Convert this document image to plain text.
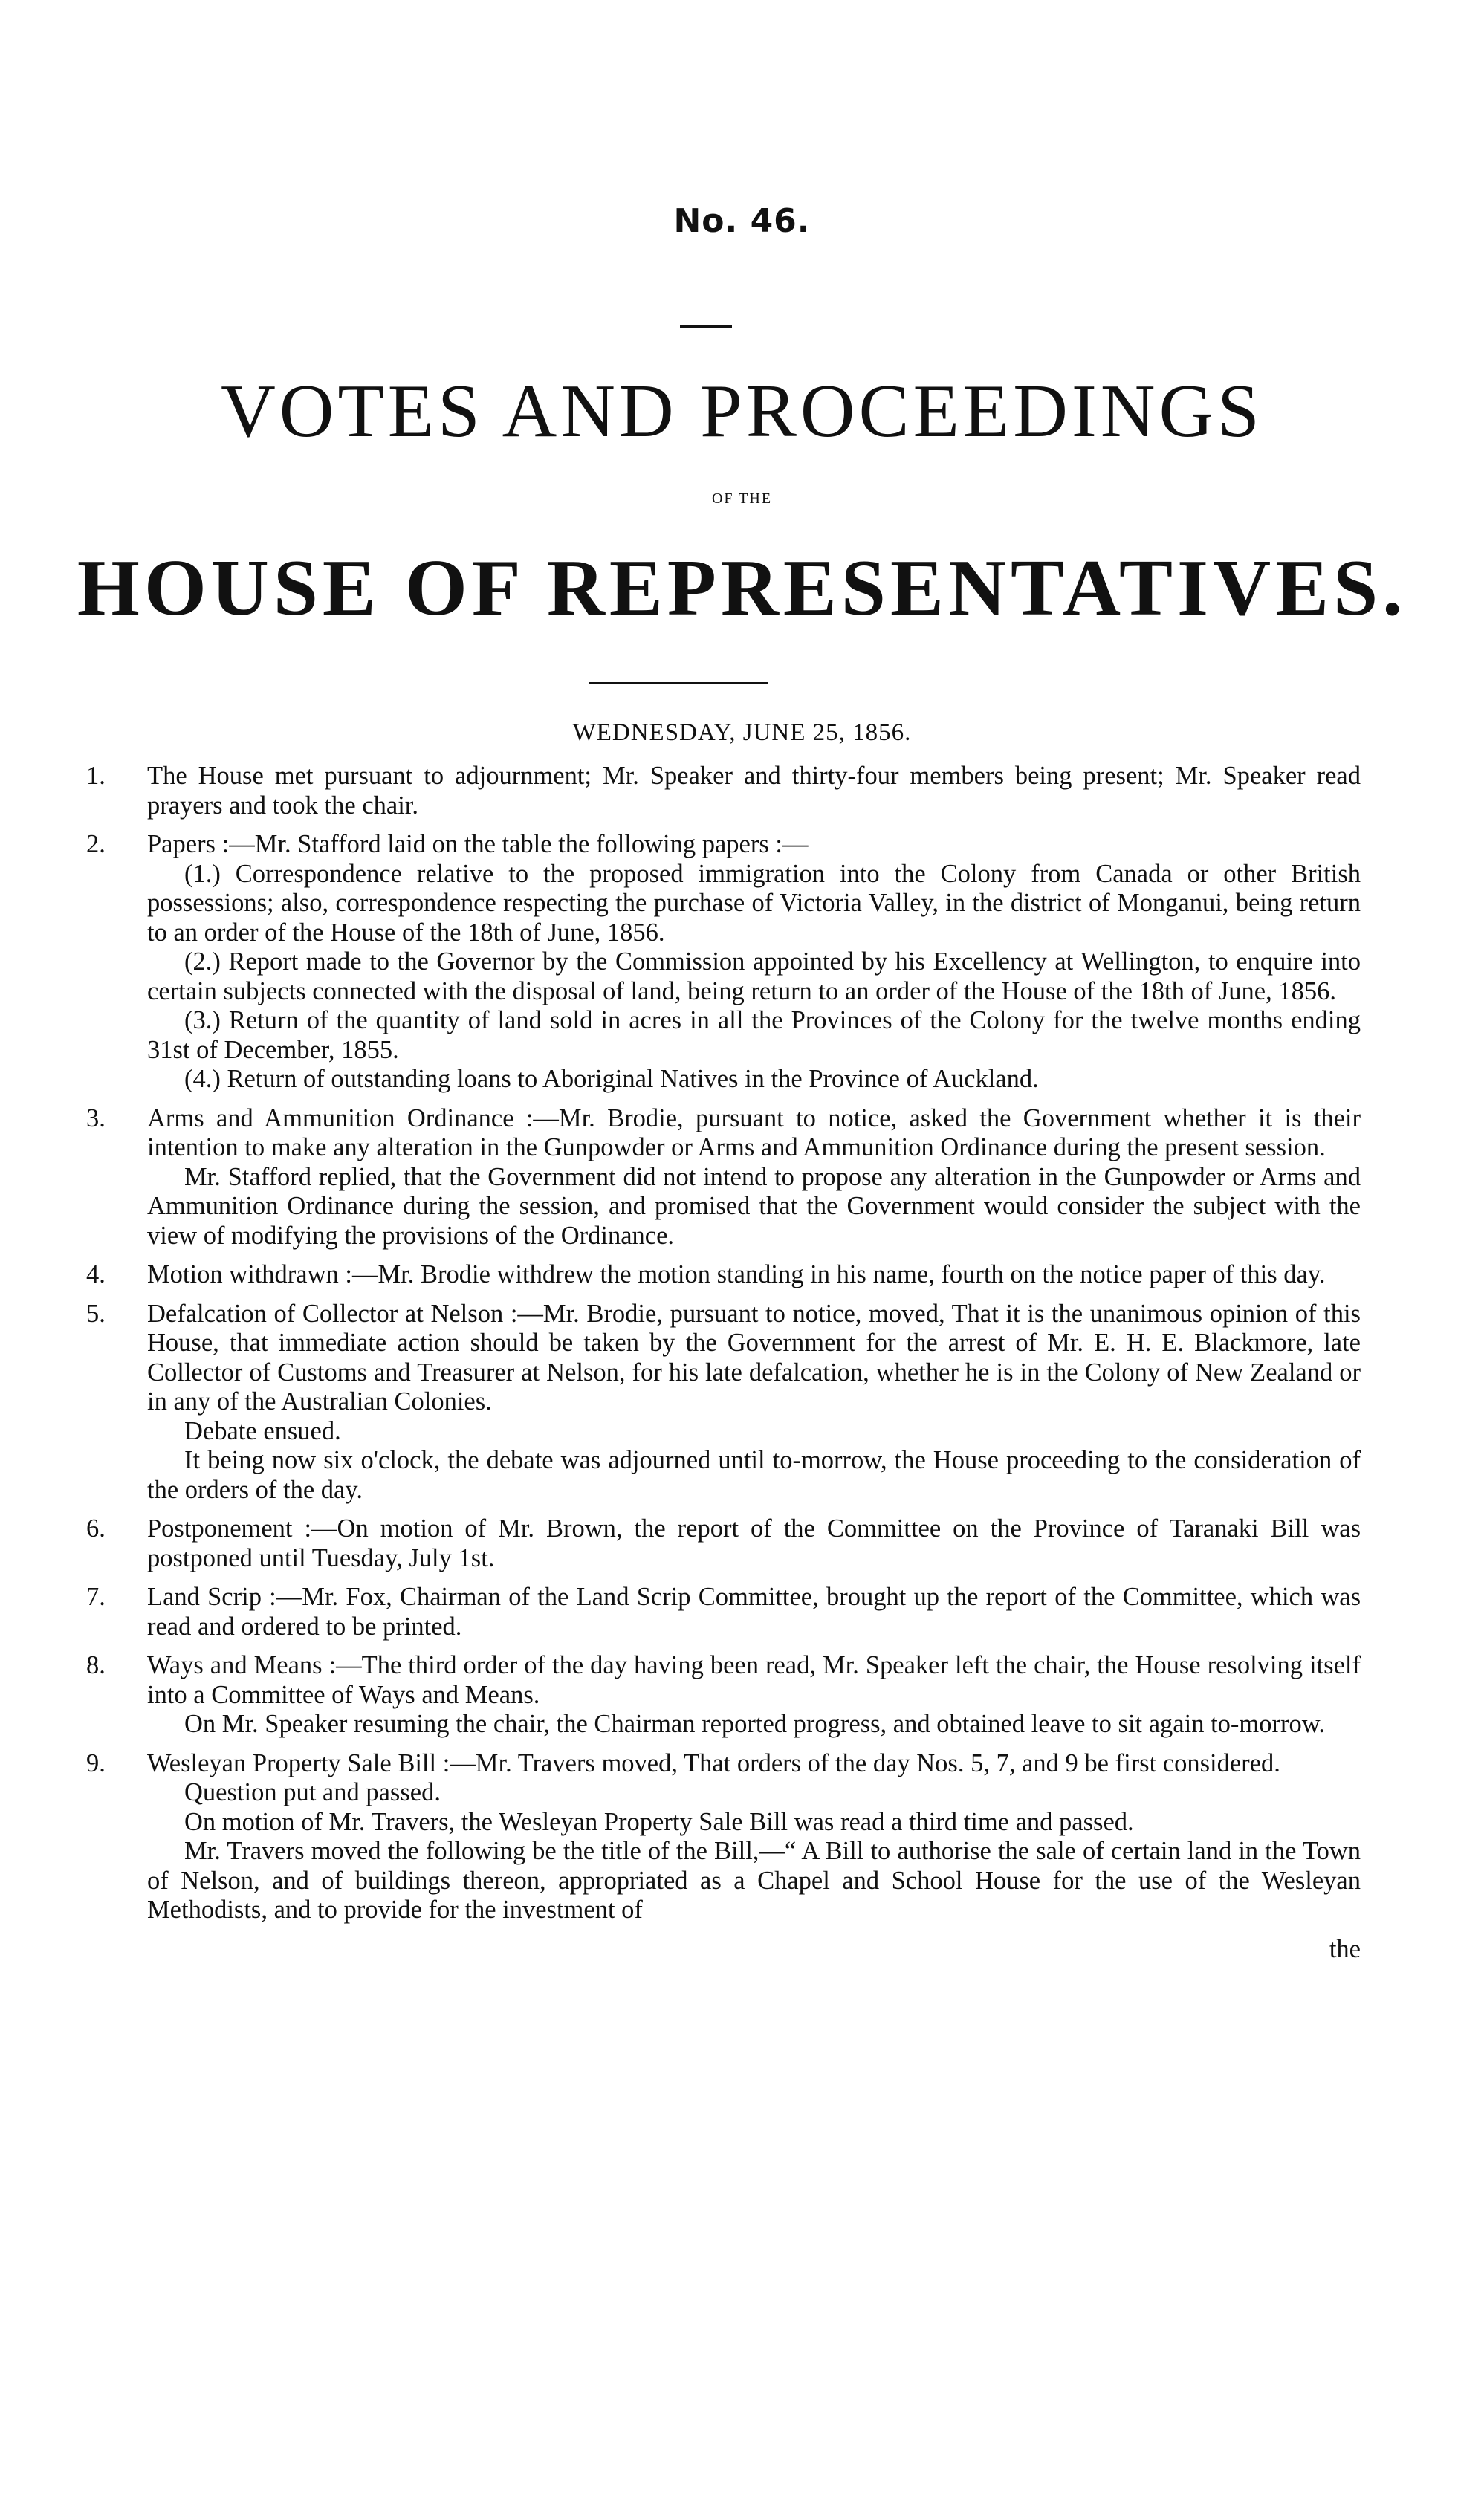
No. 46.
VOTES AND PROCEEDINGS
OF THE
HOUSE OF REPRESENTATIVES.
WEDNESDAY, JUNE 25, 1856.
1. The House met pursuant to adjournment; Mr. Speaker and thirty-four members being present; Mr. Speaker read prayers and took the chair.

2. Papers :—Mr. Stafford laid on the table the following papers :—

(1.) Correspondence relative to the proposed immigration into the Colony from Canada or other British possessions; also, correspondence respecting the purchase of Victoria Valley, in the district of Monganui, being return to an order of the House of the 18th of June, 1856.

(2.) Report made to the Governor by the Commission appointed by his Excellency at Wellington, to enquire into certain subjects connected with the disposal of land, being return to an order of the House of the 18th of June, 1856.

(3.) Return of the quantity of land sold in acres in all the Provinces of the Colony for the twelve months ending 31st of December, 1855.

(4.) Return of outstanding loans to Aboriginal Natives in the Province of Auckland.

3. Arms and Ammunition Ordinance :—Mr. Brodie, pursuant to notice, asked the Government whether it is their intention to make any alteration in the Gunpowder or Arms and Ammunition Ordinance during the present session.

Mr. Stafford replied, that the Government did not intend to propose any alteration in the Gunpowder or Arms and Ammunition Ordinance during the session, and promised that the Government would consider the subject with the view of modifying the provisions of the Ordinance.

4. Motion withdrawn :—Mr. Brodie withdrew the motion standing in his name, fourth on the notice paper of this day.

5. Defalcation of Collector at Nelson :—Mr. Brodie, pursuant to notice, moved, That it is the unanimous opinion of this House, that immediate action should be taken by the Government for the arrest of Mr. E. H. E. Blackmore, late Collector of Customs and Treasurer at Nelson, for his late defalcation, whether he is in the Colony of New Zealand or in any of the Australian Colonies.

Debate ensued.

It being now six o'clock, the debate was adjourned until to-morrow, the House proceeding to the consideration of the orders of the day.

6. Postponement :—On motion of Mr. Brown, the report of the Committee on the Province of Taranaki Bill was postponed until Tuesday, July 1st.

7. Land Scrip :—Mr. Fox, Chairman of the Land Scrip Committee, brought up the report of the Committee, which was read and ordered to be printed.

8. Ways and Means :—The third order of the day having been read, Mr. Speaker left the chair, the House resolving itself into a Committee of Ways and Means.

On Mr. Speaker resuming the chair, the Chairman reported progress, and obtained leave to sit again to-morrow.

9. Wesleyan Property Sale Bill :—Mr. Travers moved, That orders of the day Nos. 5, 7, and 9 be first considered.

Question put and passed.

On motion of Mr. Travers, the Wesleyan Property Sale Bill was read a third time and passed.

Mr. Travers moved the following be the title of the Bill,—“ A Bill to authorise the sale of certain land in the Town of Nelson, and of buildings thereon, appropriated as a Chapel and School House for the use of the Wesleyan Methodists, and to provide for the investment of

the
